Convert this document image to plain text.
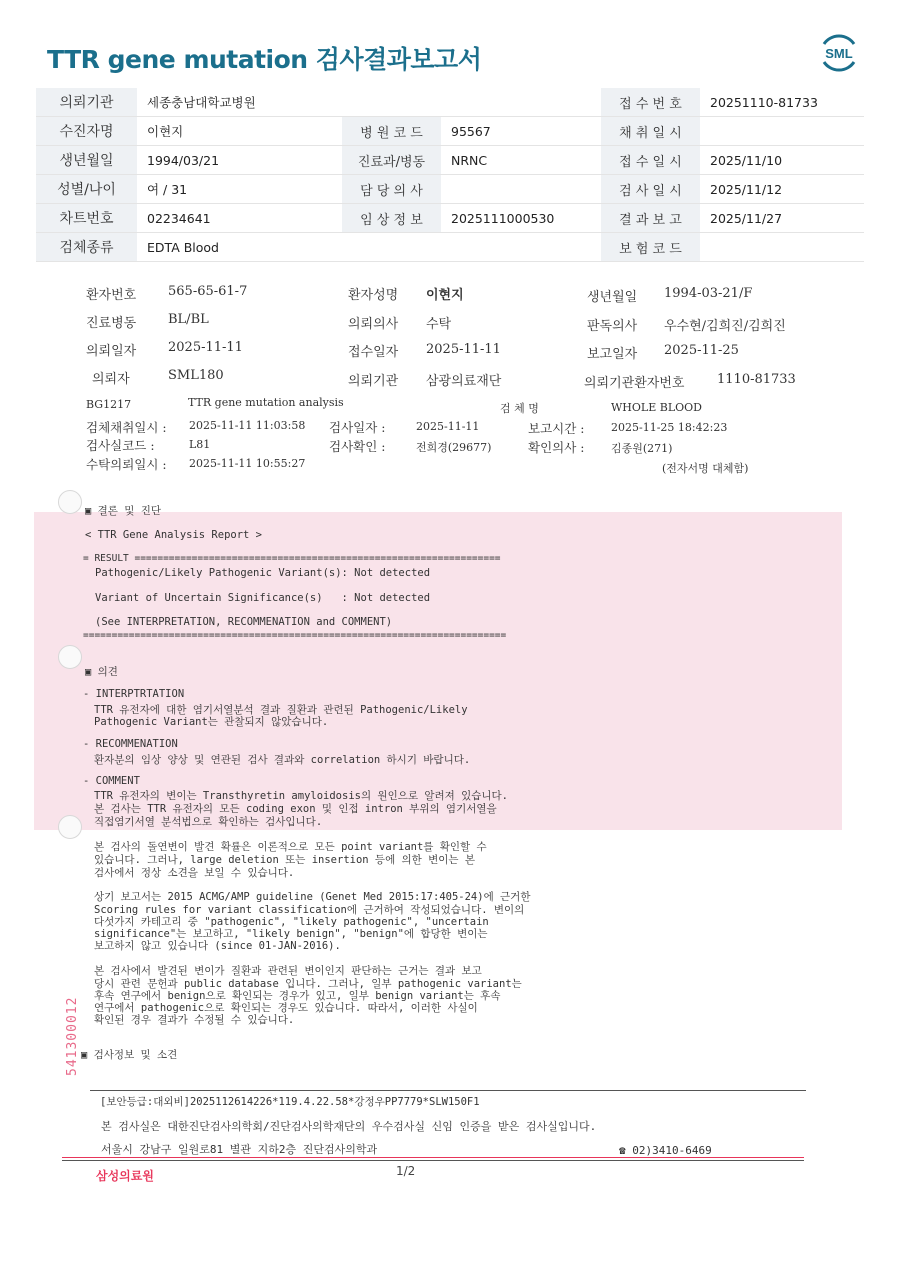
TTR gene mutation 검사결과보고서	SML
의뢰기관	세종충남대학교병원			접 수 번 호	20251110-81733
수진자명	이현지	병 원 코 드	95567	채 취 일 시	
생년월일	1994/03/21	진료과/병동	NRNC	접 수 일 시	2025/11/10
성별/나이	여 / 31	담 당 의 사		검 사 일 시	2025/11/12
차트번호	02234641	임 상 정 보	2025111000530	결 과 보 고	2025/11/27
검체종류	EDTA Blood			보 험 코 드	
환자번호 565-65-61-7	환자성명 이현지	생년월일 1994-03-21/F
진료병동 BL/BL	의뢰의사 수탁	판독의사 우수현/김희진/김희진
의뢰일자 2025-11-11	접수일자 2025-11-11	보고일자 2025-11-25
의뢰자	SML180	의뢰기관 삼광의료재단	의뢰기관환자번호	1110-81733
BG1217	TTR gene mutation analysis	검 체 명	WHOLE BLOOD
검체채취일시 : 2025-11-11 11:03:58 검사일자 :	2025-11-11	보고시간 : 2025-11-25 18:42:23
검사실코드 :	L81	검사확인 :	전희경(29677)	확인의사 : 김종원(271)
수탁의뢰일시 : 2025-11-11 10:55:27	(전자서명 대체함)
▣ 결론 및 진단
< TTR Gene Analysis Report >
= RESULT ================================================================
Pathogenic/Likely Pathogenic Variant(s): Not detected
Variant of Uncertain Significance(s)   : Not detected
(See INTERPRETATION, RECOMMENATION and COMMENT)
==========================================================================
▣ 의견
- INTERPTRTATION
TTR 유전자에 대한 염기서열분석 결과 질환과 관련된 Pathogenic/Likely
Pathogenic Variant는 관찰되지 않았습니다.
- RECOMMENATION
환자분의 임상 양상 및 연관된 검사 결과와 correlation 하시기 바랍니다.
- COMMENT
TTR 유전자의 변이는 Transthyretin amyloidosis의 원인으로 알려져 있습니다.
본 검사는 TTR 유전자의 모든 coding exon 및 인접 intron 부위의 염기서열을
직접염기서열 분석법으로 확인하는 검사입니다.
본 검사의 돌연변이 발견 확률은 이론적으로 모든 point variant를 확인할 수
있습니다. 그러나, large deletion 또는 insertion 등에 의한 변이는 본
검사에서 정상 소견을 보일 수 있습니다.
상기 보고서는 2015 ACMG/AMP guideline (Genet Med 2015:17:405-24)에 근거한
Scoring rules for variant classification에 근거하여 작성되었습니다. 변이의
다섯가지 카테고리 중 "pathogenic", "likely pathogenic", "uncertain
significance"는 보고하고, "likely benign", "benign"에 합당한 변이는
보고하지 않고 있습니다 (since 01-JAN-2016).
본 검사에서 발견된 변이가 질환과 관련된 변이인지 판단하는 근거는 결과 보고
당시 관련 문헌과 public database 입니다. 그러나, 일부 pathogenic variant는
후속 연구에서 benign으로 확인되는 경우가 있고, 일부 benign variant는 후속
연구에서 pathogenic으로 확인되는 경우도 있습니다. 따라서, 이러한 사실이
확인된 경우 결과가 수정될 수 있습니다.
▣ 검사정보 및 소견
541300012
[보안등급:대외비]2025112614226*119.4.22.58*강정우PP7779*SLW150F1
본 검사실은 대한진단검사의학회/진단검사의학재단의 우수검사실 신임 인증을 받은 검사실입니다.
서울시 강남구 일원로81 별관 지하2층 진단검사의학과	☎ 02)3410-6469
삼성의료원	1/2
